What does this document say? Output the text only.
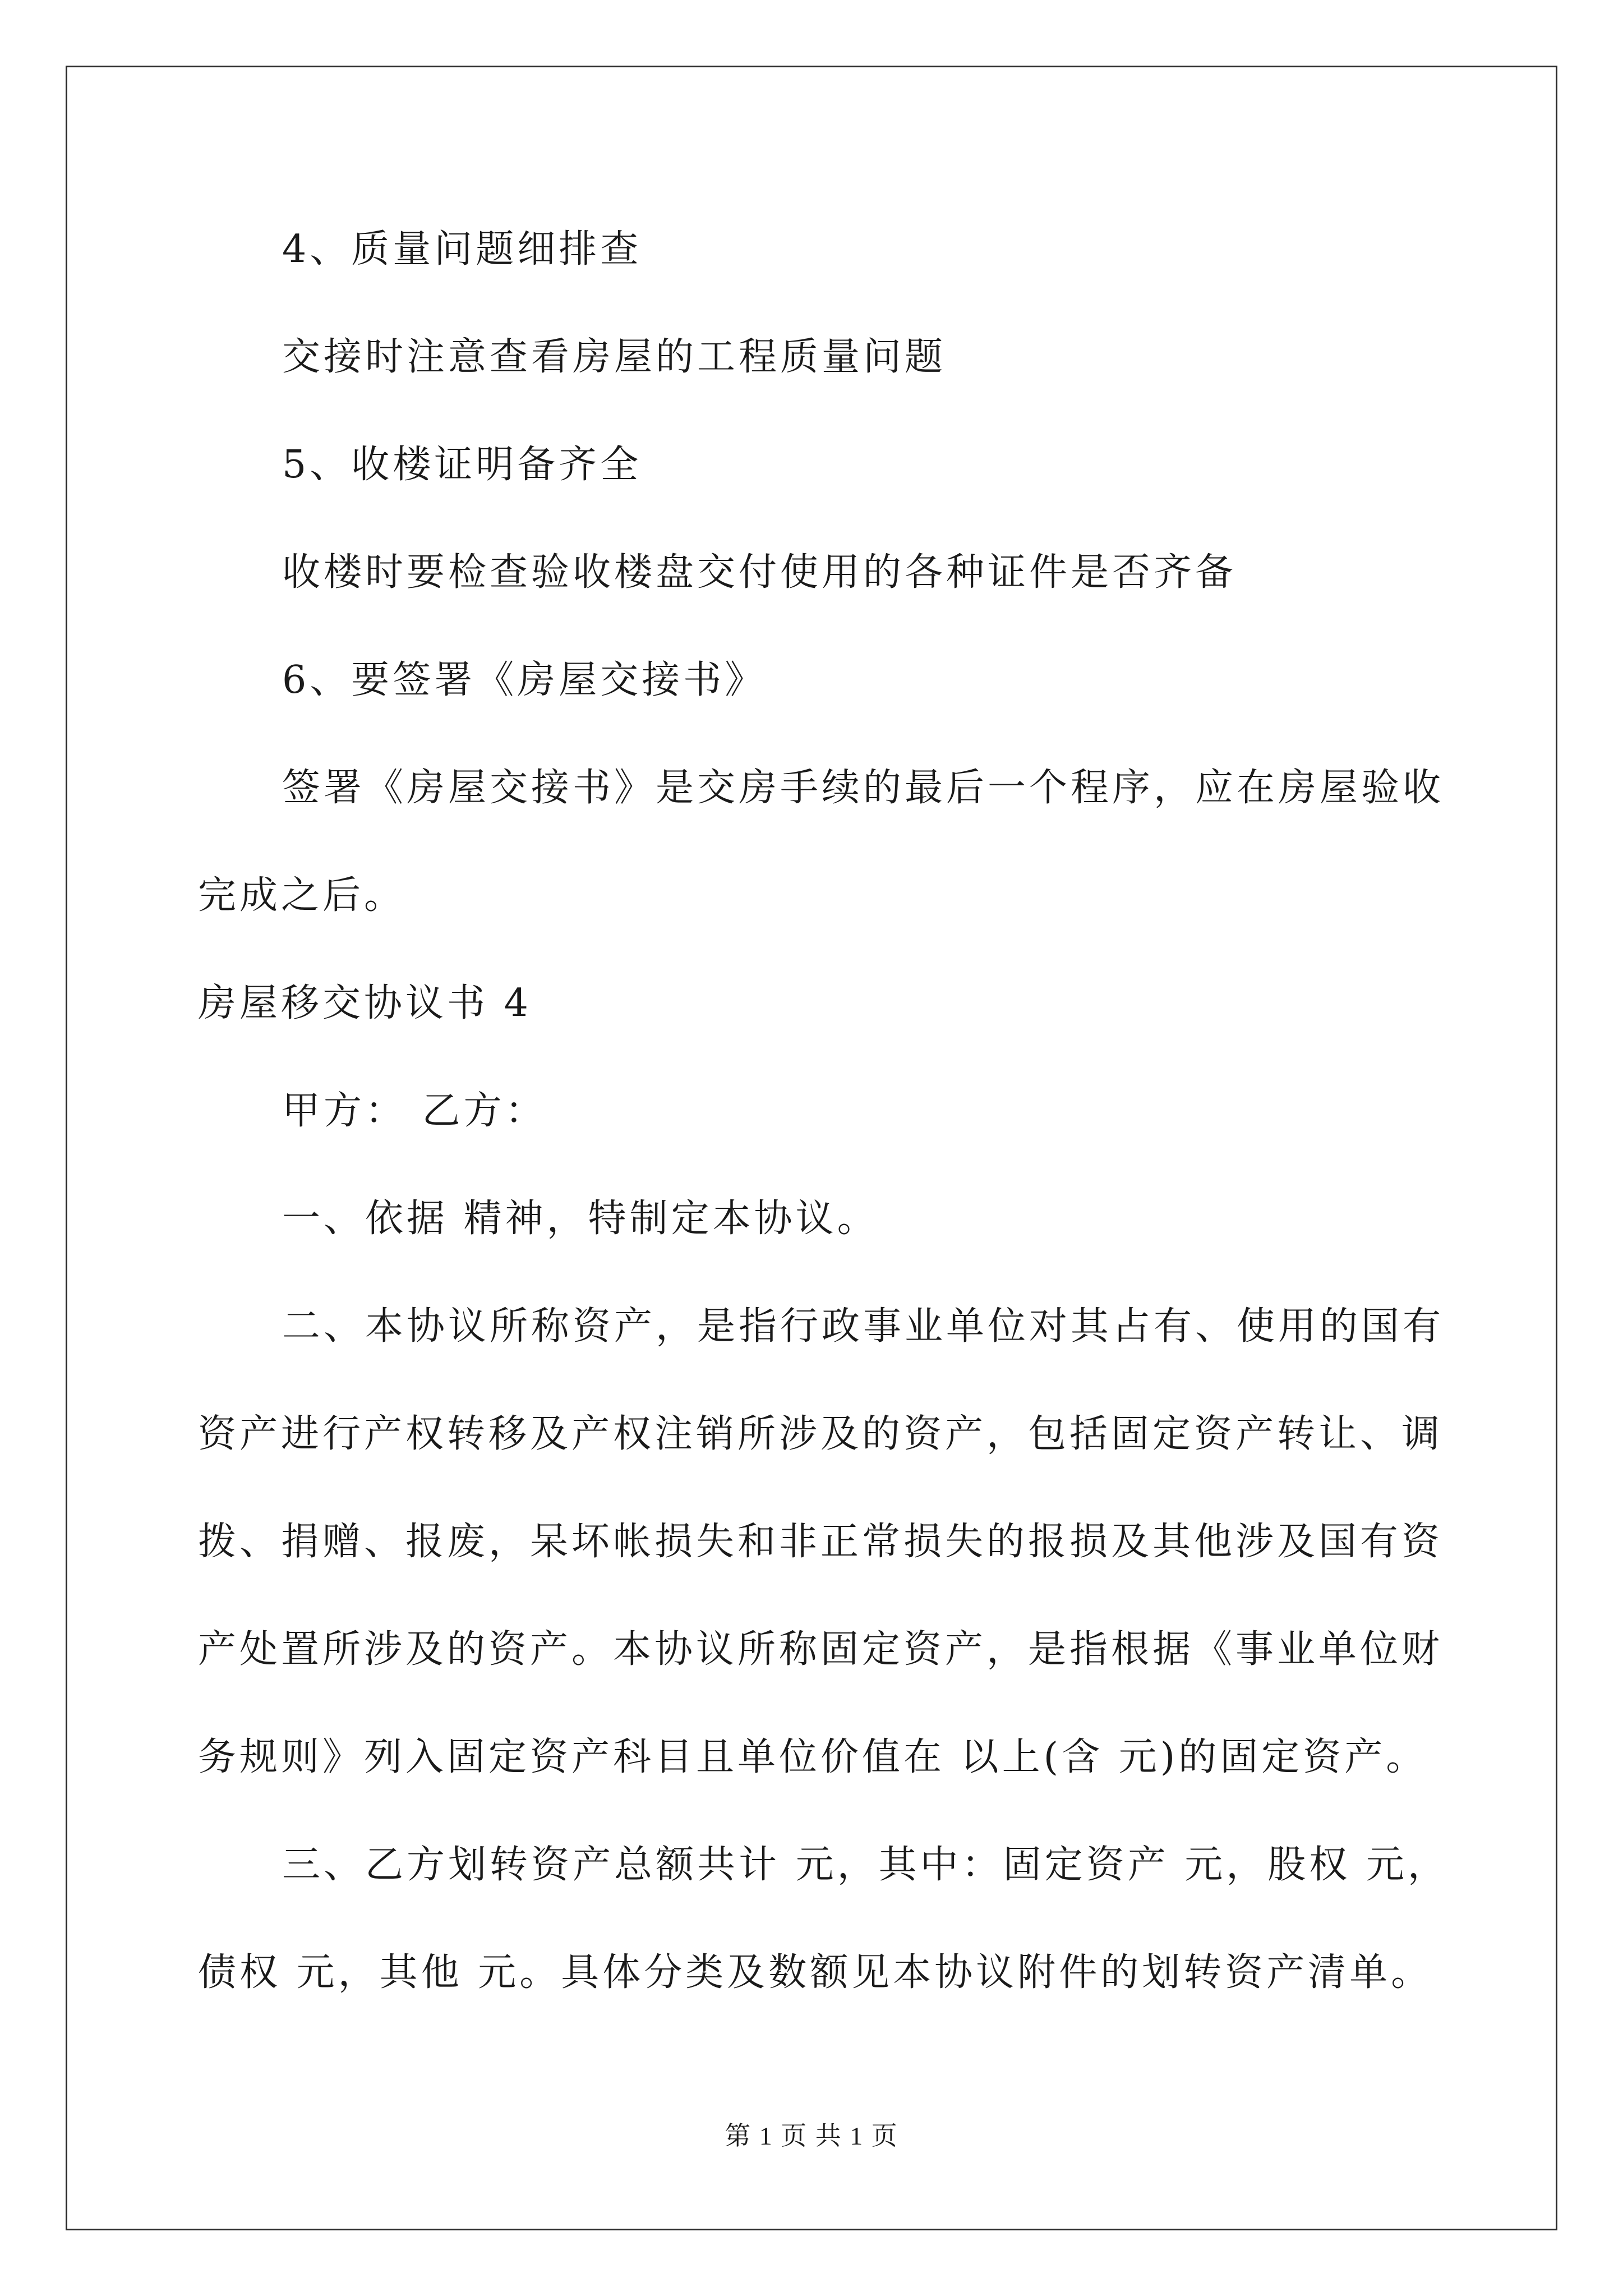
4、质量问题细排查
交接时注意查看房屋的工程质量问题
5、收楼证明备齐全
收楼时要检查验收楼盘交付使用的各种证件是否齐备
6、要签署《房屋交接书》
签署《房屋交接书》是交房手续的最后一个程序，应在房屋验收
完成之后。
房屋移交协议书 4
甲方： 乙方：
一、依据 精神，特制定本协议。
二、本协议所称资产，是指行政事业单位对其占有、使用的国有
资产进行产权转移及产权注销所涉及的资产，包括固定资产转让、调
拨、捐赠、报废，呆坏帐损失和非正常损失的报损及其他涉及国有资
产处置所涉及的资产。本协议所称固定资产，是指根据《事业单位财
务规则》列入固定资产科目且单位价值在 以上(含 元)的固定资产。
三、乙方划转资产总额共计 元，其中：固定资产 元，股权 元，
债权 元，其他 元。具体分类及数额见本协议附件的划转资产清单。
第 1 页 共 1 页
